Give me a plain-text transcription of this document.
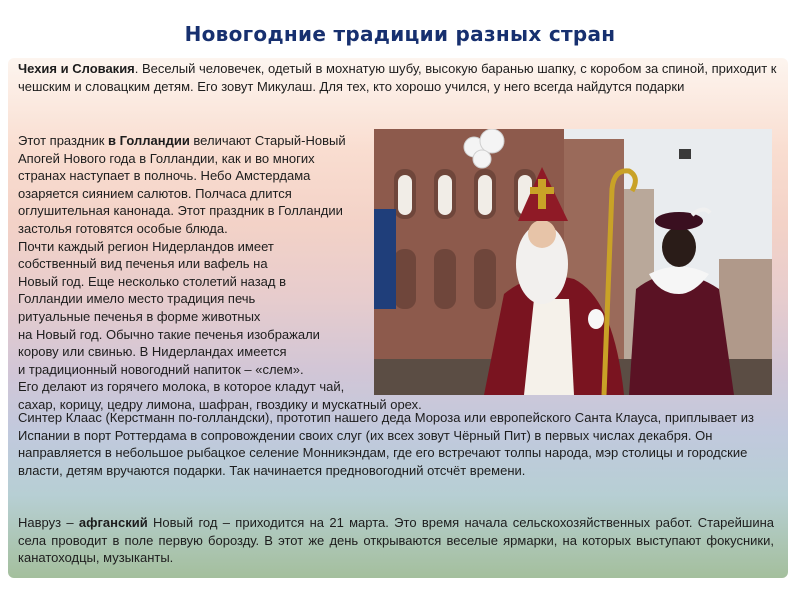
Новогодние традиции разных стран

Чехия и Словакия. Веселый человечек, одетый в мохнатую шубу, высокую баранью шапку, с коробом за спиной, приходит к чешским и словацким детям. Его зовут Микулаш. Для тех, кто хорошо учился, у него всегда найдутся подарки

Этот праздник в Голландии величают Старый-Новый
Апогей Нового года в Голландии, как и во многих
странах наступает в полночь. Небо Амстердама
озаряется сиянием салютов. Полчаса длится
оглушительная канонада. Этот праздник в Голландии
застолья готовятся особые блюда.
Почти каждый регион Нидерландов имеет
собственный вид печенья или вафель на
Новый год. Еще несколько столетий назад в
Голландии имело место традиция печь
ритуальные печенья в форме животных
на Новый год. Обычно такие печенья изображали
корову или свинью. В Нидерландах имеется
и традиционный новогодний напиток – «слем».
Его делают из горячего молока, в которое кладут чай,
сахар, корицу, цедру лимона, шафран, гвоздику и мускатный орех.

Синтер Клаас (Керстманн по-голландски), прототип нашего деда Мороза или европейского Санта Клауса, приплывает из Испании в порт Роттердама в сопровождении своих слуг (их всех зовут Чёрный Пит) в первых числах декабря. Он направляется в небольшое рыбацкое селение Монникэндам, где его встречают толпы народа, мэр столицы и городские власти, детям вручаются подарки. Так начинается предновогодний отсчёт времени.

Навруз – афганский Новый год – приходится на 21 марта. Это время начала сельскохозяйственных работ. Старейшина села проводит в поле первую борозду. В этот же день открываются веселые ярмарки, на которых выступают фокусники, канатоходцы, музыканты.
